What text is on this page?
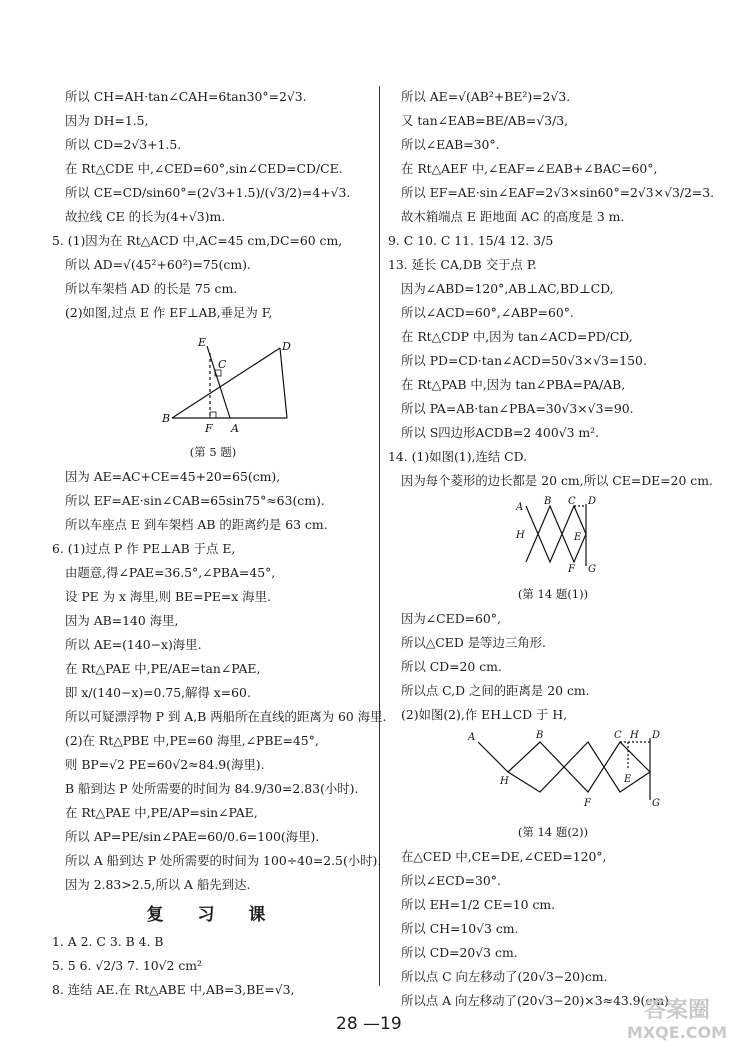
所以 CH=AH·tan∠CAH=6tan30°=2√3.
因为 DH=1.5,
所以 CD=2√3+1.5.
在 Rt△CDE 中,∠CED=60°,sin∠CED=CD/CE.
所以 CE=CD/sin60°=(2√3+1.5)/(√3/2)=4+√3.
故拉线 CE 的长为(4+√3)m.
5. (1)因为在 Rt△ACD 中,AC=45 cm,DC=60 cm,
所以 AD=√(45²+60²)=75(cm).
所以车架档 AD 的长是 75 cm.
(2)如图,过点 E 作 EF⊥AB,垂足为 F,
E
C
D
B
F A
(第 5 题)
因为 AE=AC+CE=45+20=65(cm),
所以 EF=AE·sin∠CAB=65sin75°≈63(cm).
所以车座点 E 到车架档 AB 的距离约是 63 cm.
6. (1)过点 P 作 PE⊥AB 于点 E,
由题意,得∠PAE=36.5°,∠PBA=45°,
设 PE 为 x 海里,则 BE=PE=x 海里.
因为 AB=140 海里,
所以 AE=(140−x)海里.
在 Rt△PAE 中,PE/AE=tan∠PAE,
即 x/(140−x)=0.75,解得 x=60.
所以可疑漂浮物 P 到 A,B 两船所在直线的距离为 60 海里.
(2)在 Rt△PBE 中,PE=60 海里,∠PBE=45°,
则 BP=√2 PE=60√2≈84.9(海里).
B 船到达 P 处所需要的时间为 84.9/30=2.83(小时).
在 Rt△PAE 中,PE/AP=sin∠PAE,
所以 AP=PE/sin∠PAE=60/0.6=100(海里).
所以 A 船到达 P 处所需要的时间为 100÷40=2.5(小时).
因为 2.83>2.5,所以 A 船先到达.
复 习 课
1. A 2. C 3. B 4. B
5. 5 6. √2/3 7. 10√2 cm²
8. 连结 AE.在 Rt△ABE 中,AB=3,BE=√3,
所以 AE=√(AB²+BE²)=2√3.
又 tan∠EAB=BE/AB=√3/3,
所以∠EAB=30°.
在 Rt△AEF 中,∠EAF=∠EAB+∠BAC=60°,
所以 EF=AE·sin∠EAF=2√3×sin60°=2√3×√3/2=3.
故木箱端点 E 距地面 AC 的高度是 3 m.
9. C 10. C 11. 15/4 12. 3/5
13. 延长 CA,DB 交于点 P.
因为∠ABD=120°,AB⊥AC,BD⊥CD,
所以∠ACD=60°,∠ABP=60°.
在 Rt△CDP 中,因为 tan∠ACD=PD/CD,
所以 PD=CD·tan∠ACD=50√3×√3=150.
在 Rt△PAB 中,因为 tan∠PBA=PA/AB,
所以 PA=AB·tan∠PBA=30√3×√3=90.
所以 S四边形ACDB=2 400√3 m².
14. (1)如图(1),连结 CD.
因为每个菱形的边长都是 20 cm,所以 CE=DE=20 cm.
A
B C D
H	E
F G
(第 14 题(1))
因为∠CED=60°,
所以△CED 是等边三角形.
所以 CD=20 cm.
所以点 C,D 之间的距离是 20 cm.
(2)如图(2),作 EH⊥CD 于 H,
A	B	C H D
H	E
F	G
(第 14 题(2))
在△CED 中,CE=DE,∠CED=120°,
所以∠ECD=30°.
所以 EH=1/2 CE=10 cm.
所以 CH=10√3 cm.
所以 CD=20√3 cm.
所以点 C 向左移动了(20√3−20)cm.
所以点 A 向左移动了(20√3−20)×3≈43.9(cm).
28 —19
答案圈
MXQE.COM
